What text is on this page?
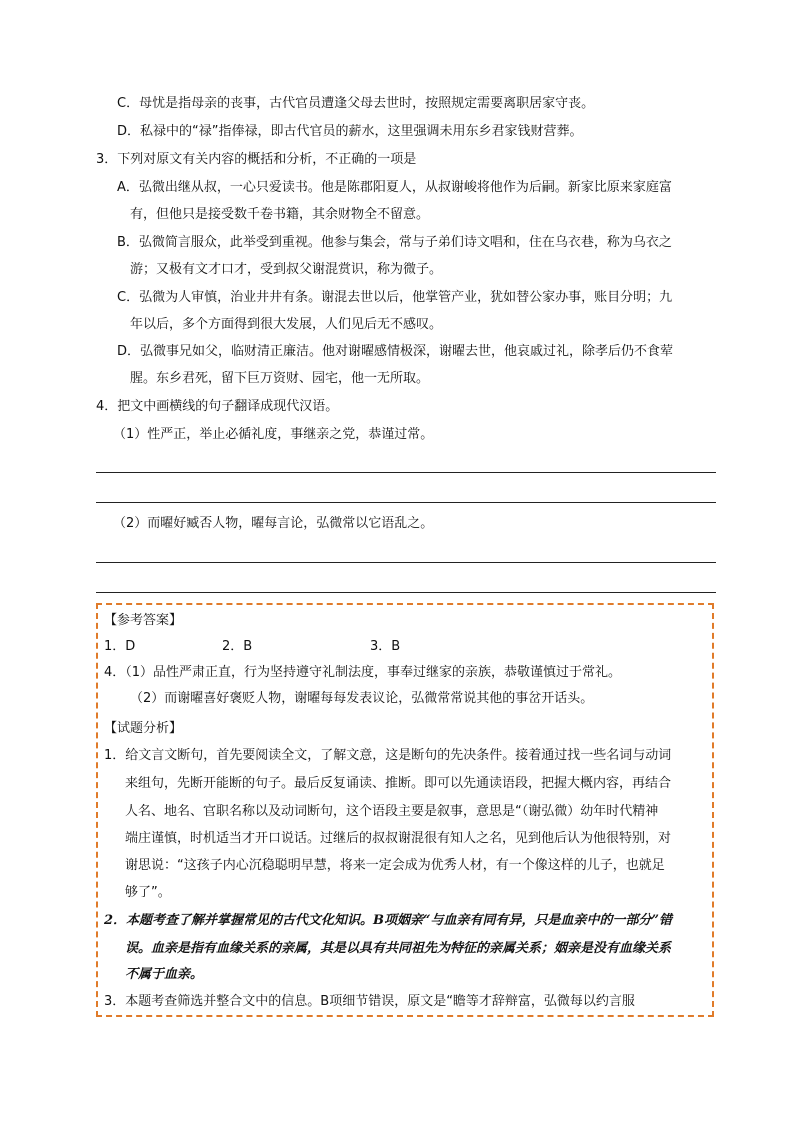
C．母忧是指母亲的丧事，古代官员遭逢父母去世时，按照规定需要离职居家守丧。
D．私禄中的“禄”指俸禄，即古代官员的薪水，这里强调未用东乡君家钱财营葬。
3．下列对原文有关内容的概括和分析，不正确的一项是
A．弘微出继从叔，一心只爱读书。他是陈郡阳夏人，从叔谢峻将他作为后嗣。新家比原来家庭富
有，但他只是接受数千卷书籍，其余财物全不留意。
B．弘微简言服众，此举受到重视。他参与集会，常与子弟们诗文唱和，住在乌衣巷，称为乌衣之
游；又极有文才口才，受到叔父谢混赏识，称为微子。
C．弘微为人审慎，治业井井有条。谢混去世以后，他掌管产业，犹如替公家办事，账目分明；九
年以后，多个方面得到很大发展，人们见后无不感叹。
D．弘微事兄如父，临财清正廉洁。他对谢曜感情极深，谢曜去世，他哀戚过礼，除孝后仍不食荤
腥。东乡君死，留下巨万资财、园宅，他一无所取。
4．把文中画横线的句子翻译成现代汉语。
（1）性严正，举止必循礼度，事继亲之党，恭谨过常。
（2）而曜好臧否人物，曜每言论，弘微常以它语乱之。
【参考答案】
1．D	2．B	3．B
4．（1）品性严肃正直，行为坚持遵守礼制法度，事奉过继家的亲族，恭敬谨慎过于常礼。
（2）而谢曜喜好褒贬人物，谢曜每每发表议论，弘微常常说其他的事岔开话头。
【试题分析】
1．给文言文断句，首先要阅读全文，了解文意，这是断句的先决条件。接着通过找一些名词与动词
来组句，先断开能断的句子。最后反复诵读、推断。即可以先通读语段，把握大概内容，再结合
人名、地名、官职名称以及动词断句，这个语段主要是叙事，意思是“（谢弘微）幼年时代精神
端庄谨慎，时机适当才开口说话。过继后的叔叔谢混很有知人之名，见到他后认为他很特别，对
谢思说：“这孩子内心沉稳聪明早慧，将来一定会成为优秀人材，有一个像这样的儿子，也就足
够了”。
2．本题考查了解并掌握常见的古代文化知识。B项姻亲“与血亲有同有异，只是血亲中的一部分”错
误。血亲是指有血缘关系的亲属，其是以具有共同祖先为特征的亲属关系；姻亲是没有血缘关系
不属于血亲。
3．本题考查筛选并整合文中的信息。B项细节错误，原文是“瞻等才辞辩富，弘微每以约言服
